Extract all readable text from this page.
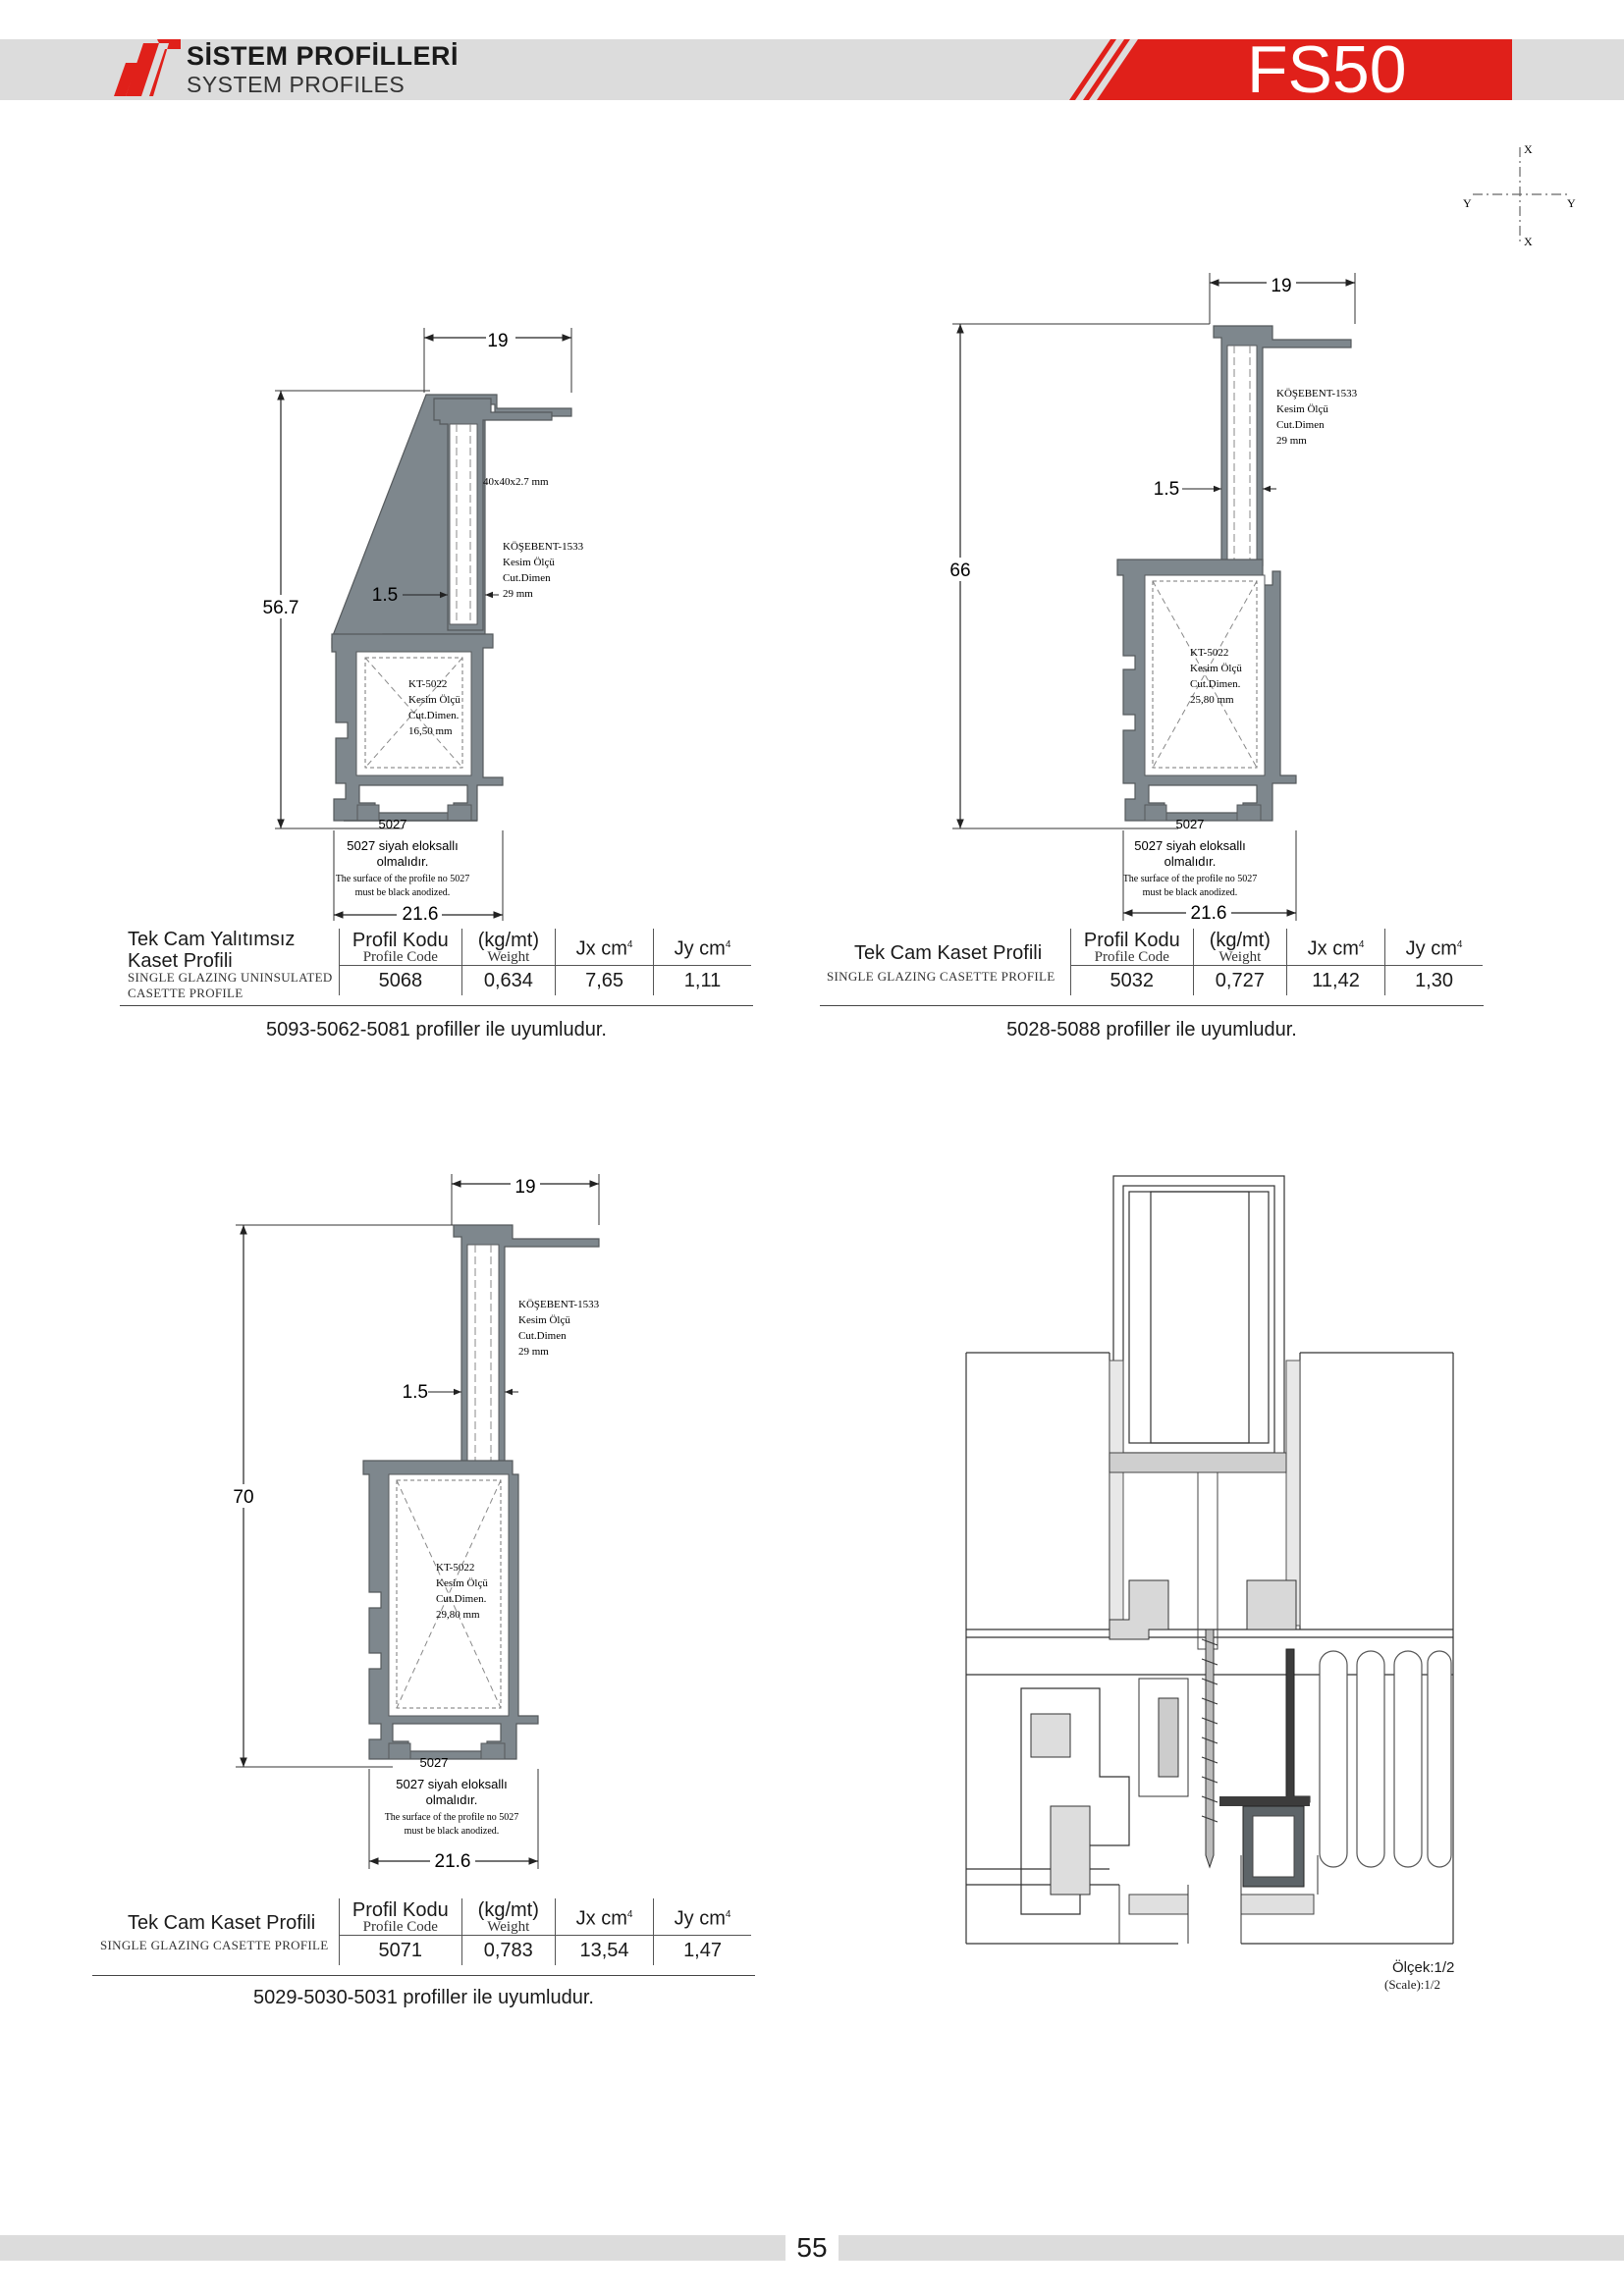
SİSTEM PROFİLLERİ
SYSTEM PROFILES	FS50
X
X
Y	Y
19
56.7
5027
1.5
40x40x2.7 mm
KÖŞEBENT-1533
Kesim Ölçü
Cut.Dimen
29 mm
KT-5022
Kesim Ölçü
Cut.Dimen.
16,50 mm
5027 siyah eloksallı
olmalıdır.
The surface of the profile no 5027
must be black anodized.
21.6
Tek Cam Yalıtımsız
Kaset Profili
SINGLE GLAZING UNINSULATED
CASETTE PROFILE
Profil Kodu	(kg/mt)	Jx $cm^4$	Jy $cm^4$
Profile Code	Weight		
5068	0,634	7,65	1,11
5093-5062-5081 profiller ile uyumludur.
19
66
5027
1.5
KÖŞEBENT-1533
Kesim Ölçü
Cut.Dimen
29 mm
KT-5022
Kesim Ölçü
Cut.Dimen.
25,80 mm
5027 siyah eloksallı
olmalıdır.
The surface of the profile no 5027
must be black anodized.
21.6
Tek Cam Kaset Profili
SINGLE GLAZING CASETTE PROFILE
Profil Kodu	(kg/mt)	Jx $cm^4$	Jy $cm^4$
Profile Code	Weight		
5032	0,727	11,42	1,30
5028-5088 profiller ile uyumludur.
19
70
5027
1.5
KÖŞEBENT-1533
Kesim Ölçü
Cut.Dimen
29 mm
KT-5022
Kesim Ölçü
Cut.Dimen.
29,80 mm
5027 siyah eloksallı
olmalıdır.
The surface of the profile no 5027
must be black anodized.
21.6
Tek Cam Kaset Profili
SINGLE GLAZING CASETTE PROFILE
Profil Kodu	(kg/mt)	Jx $cm^4$	Jy $cm^4$
Profile Code	Weight		
5071	0,783	13,54	1,47
5029-5030-5031 profiller ile uyumludur.
Ölçek:1/2
(Scale):1/2
55
